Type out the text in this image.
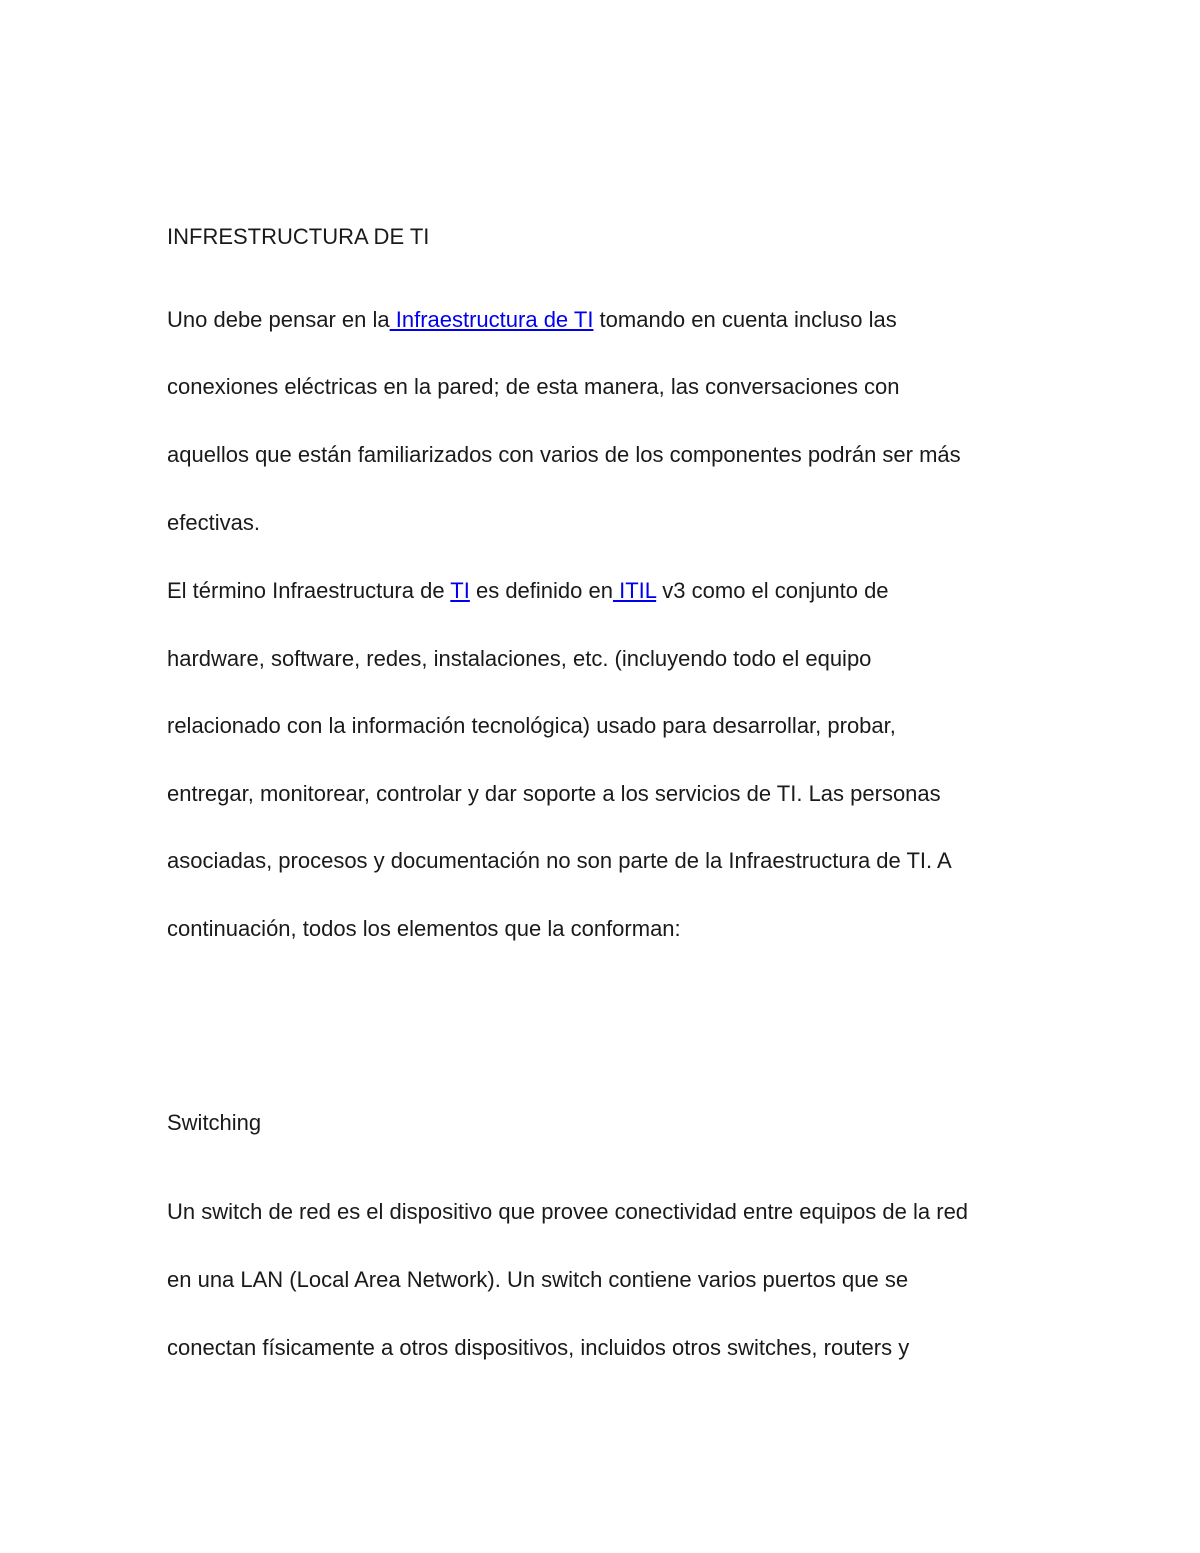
INFRESTRUCTURA DE TI
Uno debe pensar en la Infraestructura de TI tomando en cuenta incluso las
conexiones eléctricas en la pared; de esta manera, las conversaciones con
aquellos que están familiarizados con varios de los componentes podrán ser más
efectivas.
El término Infraestructura de TI es definido en ITIL v3 como el conjunto de
hardware, software, redes, instalaciones, etc. (incluyendo todo el equipo
relacionado con la información tecnológica) usado para desarrollar, probar,
entregar, monitorear, controlar y dar soporte a los servicios de TI. Las personas
asociadas, procesos y documentación no son parte de la Infraestructura de TI. A
continuación, todos los elementos que la conforman:
Switching
Un switch de red es el dispositivo que provee conectividad entre equipos de la red
en una LAN (Local Area Network). Un switch contiene varios puertos que se
conectan físicamente a otros dispositivos, incluidos otros switches, routers y
